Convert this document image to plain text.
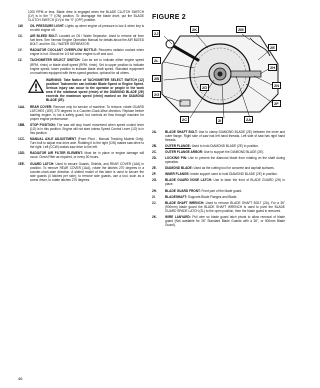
1200 RPM or less. Blade drive is engaged when the BLADE CLUTCH SWITCH (1V) is in the "I" (ON) position. To disengage the blade drive, put the BLADE CLUTCH SWITCH (1V) in the "0" (OFF) position.

1W. OIL PRESSURE LIGHT: Lights up when engine oil pressure is low & when key is on with engine off.
1X. AIR BLEED BOLT: Located on Oil / Water Separator. Used to remove air from fuel lines. See Yanmar Engine Operation Manual for details about the AIR BLEED BOLT, and the OIL / WATER SEPARATOR.
1Y. RADIATOR COOLANT OVERFLOW BOTTLE: Recovers radiator coolant when engine is hot. Should be 1/4 full when engine is off and cool.
1Z. TACHOMETER SELECT SWITCH: Can be set to indicate either engine speed (RPM, r/min) or blade shaft speed (RPM, r/min). Set to upper position to indicate engine speed, lower position to indicate blade shaft speed. Standard equipment on machines equipped with three-speed gearbox, optional for all others.
WARNING: Take Notice of TACHOMETER SELECT SWITCH (1Z) position! Tachometer can indicate Blade Speed or Engine Speed. Serious injury can occur to the operator or people in the work area if the rotational speed (r/min) of the DIAMOND BLADE (2E) exceeds the maximum speed (r/min) marked on the DIAMOND BLADE (2E).
1AA. REAR COVER: Remove only for service of machine. To remove, rotate GUARD LATCHES (1EE) 270 degrees in a Counter-Clock-Wise direction. Replace before starting engine. Is not a safety guard, but controls air flow through machine for proper engine performance.
1BB. STOP POSITION: The saw will stop travel movement when speed control lever (1O) is in this position. Engine will not start unless Speed Control Lever (1O) is in this position.
1CC. MANUAL AXLE ADJUSTMENT (Front Pivot - Manual Tracking Models Only): Turn bolt to adjust rear drive axle. Rotating it to the right (CW) makes saw drive to the right. Left (CCW) makes saw drive to the left.
1DD. RADIATOR AIR FILTER ELEMENT: Must be in place or engine damage will occur. Clean Filter as required, or every 50 hours.
1EE. GUARD LATCH: Used to secure Guards, Shields, and REAR COVER (1AA) in position. To remove REAR COVER (1AA), rotate the latches 270 degrees in a counter-clock-wise direction. A slotted model of this latch is used to secure the side guards (4 latches per side); to remove side guards, use a tool, such as a screw driver, to rotate latches 270 degrees.
FIGURE 2
2J
2K	2M
2E
2H
2L
2B
2G
2C	2I	2A
2F
2N
2D
2A.	BLADE SHAFT BOLT: Use to clamp DIAMOND BLADE (2E) between the inner and outer flange. Right side of saw has left hand threads. Left side of saw has right hand threads.
2B.	OUTER FLANGE: Used to hold DIAMOND BLADE (2E) in position.
2C.	OUTER FLANGE ARBOR: Use to support the DIAMOND BLADE (2E).
2D.	LOCKING PIN: Use to prevent the diamond blade from rotating on the shaft during operation.
2E.	DIAMOND BLADE: Used as the cutting tool for concrete and asphalt surfaces.
2F.	INNER FLANGE: Inside support used to hold DIAMOND BLADE (2E) in position.
2G.	BLADE GUARD NOSE LATCH: Use to latch the front of BLADE GUARD (2H) in place.
2H.	BLADE GUARD FRONT: Front part of the blade guard.
2I.	BLADESHAFT: Supports Blade Flanges and Blade.
2J.	BLADE SHAFT WRENCH: Used to remove BLADE SHAFT BOLT (2A). For a 36" (900mm) blade guard the BLADE SHAFT WRENCH is used to pivot the BLADE GUARD SPADE LATCH (2L) to the open position, then the blade guard is removed.
2K.	WIRE LANYARD: Pull wire so blade guard latch pivots to allow removal of blade guard (Not available for 26" Standard Blade Guards with a 36", or 900mm Blade Guard).
46
